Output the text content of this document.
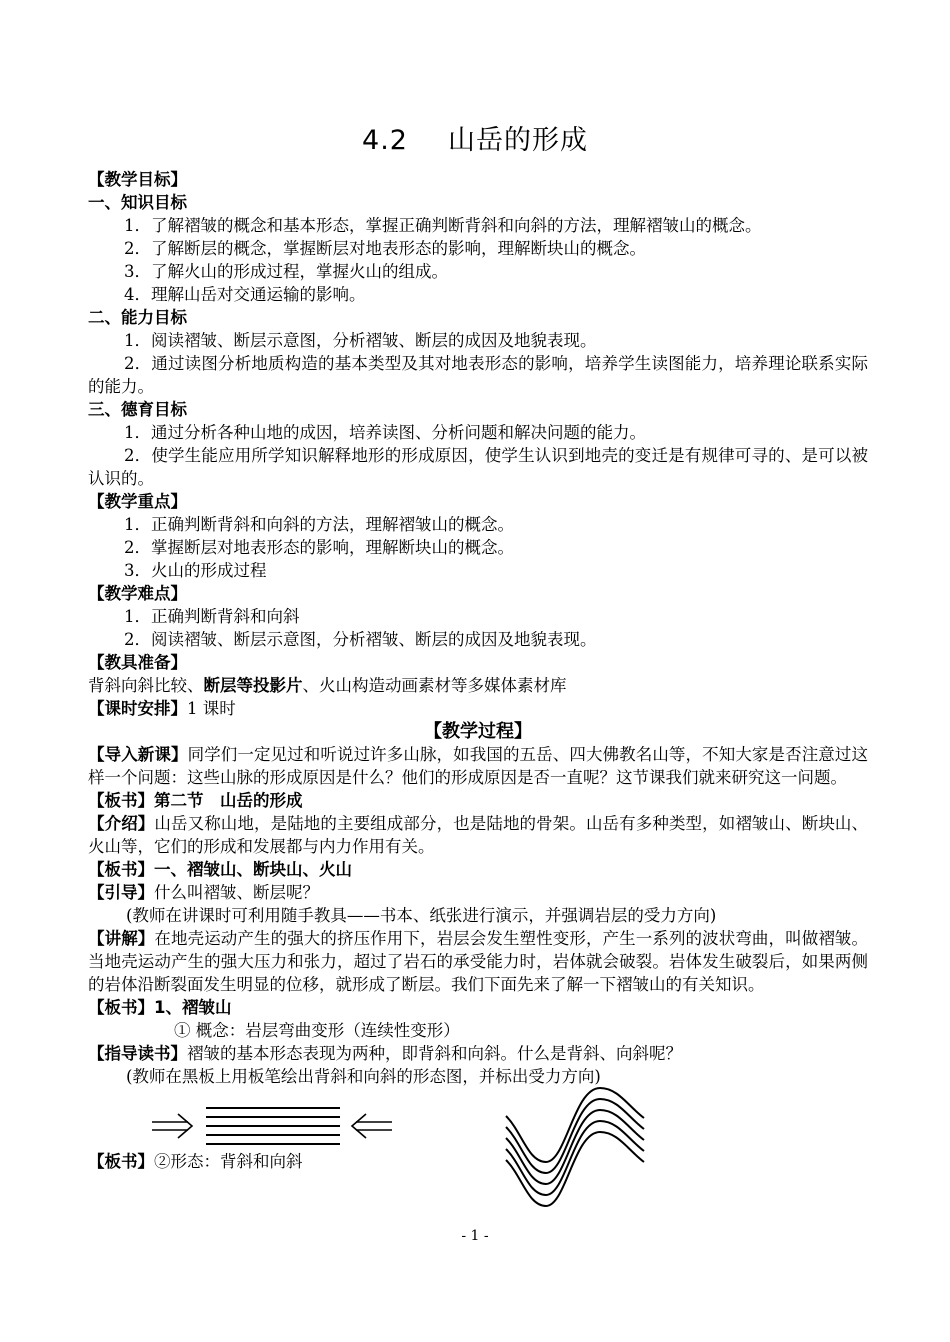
4.2 山岳的形成

【教学目标】

一、知识目标

1．了解褶皱的概念和基本形态，掌握正确判断背斜和向斜的方法，理解褶皱山的概念。

2．了解断层的概念，掌握断层对地表形态的影响，理解断块山的概念。

3．了解火山的形成过程，掌握火山的组成。

4．理解山岳对交通运输的影响。

二、能力目标

1．阅读褶皱、断层示意图，分析褶皱、断层的成因及地貌表现。

2．通过读图分析地质构造的基本类型及其对地表形态的影响，培养学生读图能力，培养理论联系实际的能力。

三、德育目标

1．通过分析各种山地的成因，培养读图、分析问题和解决问题的能力。

2．使学生能应用所学知识解释地形的形成原因，使学生认识到地壳的变迁是有规律可寻的、是可以被认识的。

【教学重点】

1．正确判断背斜和向斜的方法，理解褶皱山的概念。

2．掌握断层对地表形态的影响，理解断块山的概念。

3．火山的形成过程

【教学难点】

1．正确判断背斜和向斜

2．阅读褶皱、断层示意图，分析褶皱、断层的成因及地貌表现。

【教具准备】

背斜向斜比较、断层等投影片、火山构造动画素材等多媒体素材库

【课时安排】1 课时

【教学过程】

【导入新课】同学们一定见过和听说过许多山脉，如我国的五岳、四大佛教名山等，不知大家是否注意过这样一个问题：这些山脉的形成原因是什么？他们的形成原因是否一直呢？这节课我们就来研究这一问题。

【板书】第二节　山岳的形成

【介绍】山岳又称山地，是陆地的主要组成部分，也是陆地的骨架。山岳有多种类型，如褶皱山、断块山、火山等，它们的形成和发展都与内力作用有关。

【板书】一、褶皱山、断块山、火山

【引导】什么叫褶皱、断层呢？

(教师在讲课时可利用随手教具——书本、纸张进行演示，并强调岩层的受力方向)

【讲解】在地壳运动产生的强大的挤压作用下，岩层会发生塑性变形，产生一系列的波状弯曲，叫做褶皱。当地壳运动产生的强大压力和张力，超过了岩石的承受能力时，岩体就会破裂。岩体发生破裂后，如果两侧的岩体沿断裂面发生明显的位移，就形成了断层。我们下面先来了解一下褶皱山的有关知识。

【板书】1、褶皱山

① 概念：岩层弯曲变形（连续性变形）

【指导读书】褶皱的基本形态表现为两种，即背斜和向斜。什么是背斜、向斜呢？

(教师在黑板上用板笔绘出背斜和向斜的形态图，并标出受力方向)

【板书】②形态：背斜和向斜

- 1 -
